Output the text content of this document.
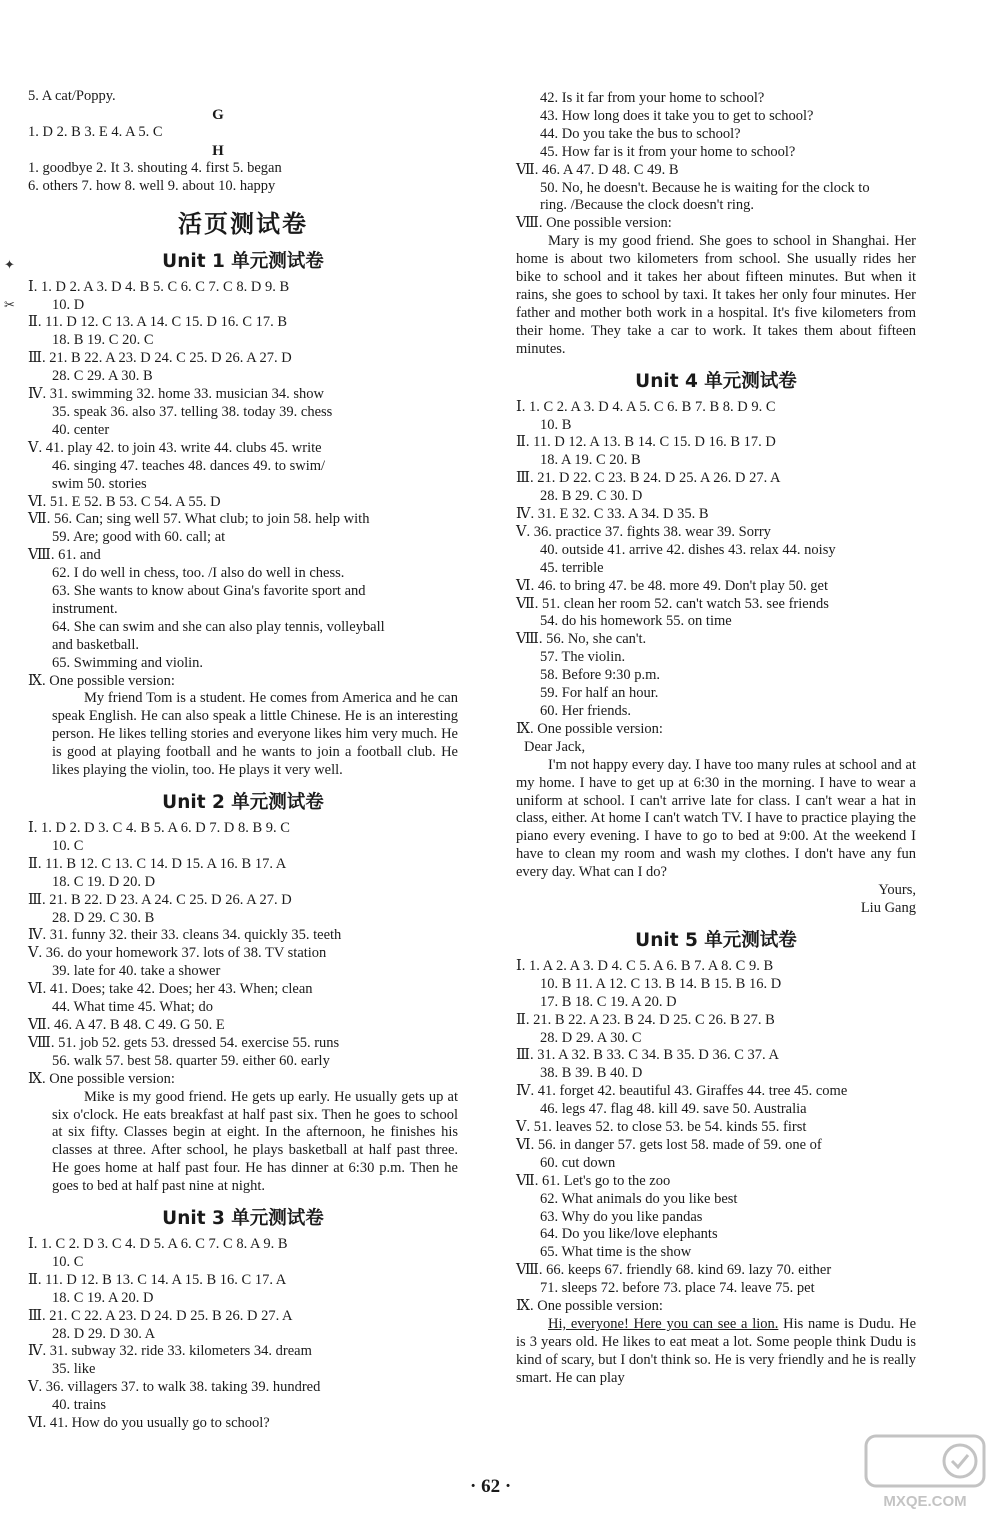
5. A cat/Poppy.
G
1. D 2. B 3. E 4. A 5. C
H
1. goodbye 2. It 3. shouting 4. first 5. began
6. others 7. how 8. well 9. about 10. happy
活页测试卷
Unit 1 单元测试卷
Ⅰ. 1. D 2. A 3. D 4. B 5. C 6. C 7. C 8. D 9. B
10. D
Ⅱ. 11. D 12. C 13. A 14. C 15. D 16. C 17. B
18. B 19. C 20. C
Ⅲ. 21. B 22. A 23. D 24. C 25. D 26. A 27. D
28. C 29. A 30. B
Ⅳ. 31. swimming 32. home 33. musician 34. show
35. speak 36. also 37. telling 38. today 39. chess
40. center
Ⅴ. 41. play 42. to join 43. write 44. clubs 45. write
46. singing 47. teaches 48. dances 49. to swim/
swim 50. stories
Ⅵ. 51. E 52. B 53. C 54. A 55. D
Ⅶ. 56. Can; sing well 57. What club; to join 58. help with
59. Are; good with 60. call; at
Ⅷ. 61. and
62. I do well in chess, too. /I also do well in chess.
63. She wants to know about Gina's favorite sport and
instrument.
64. She can swim and she can also play tennis, volleyball
and basketball.
65. Swimming and violin.
Ⅸ. One possible version:
My friend Tom is a student. He comes from America and he can speak English. He can also speak a little Chinese. He is an interesting person. He likes telling stories and everyone likes him very much. He is good at playing football and he wants to join a football club. He likes playing the violin, too. He plays it very well.
Unit 2 单元测试卷
Ⅰ. 1. D 2. D 3. C 4. B 5. A 6. D 7. D 8. B 9. C
10. C
Ⅱ. 11. B 12. C 13. C 14. D 15. A 16. B 17. A
18. C 19. D 20. D
Ⅲ. 21. B 22. D 23. A 24. C 25. D 26. A 27. D
28. D 29. C 30. B
Ⅳ. 31. funny 32. their 33. cleans 34. quickly 35. teeth
Ⅴ. 36. do your homework 37. lots of 38. TV station
39. late for 40. take a shower
Ⅵ. 41. Does; take 42. Does; her 43. When; clean
44. What time 45. What; do
Ⅶ. 46. A 47. B 48. C 49. G 50. E
Ⅷ. 51. job 52. gets 53. dressed 54. exercise 55. runs
56. walk 57. best 58. quarter 59. either 60. early
Ⅸ. One possible version:
Mike is my good friend. He gets up early. He usually gets up at six o'clock. He eats breakfast at half past six. Then he goes to school at six fifty. Classes begin at eight. In the afternoon, he finishes his classes at three. After school, he plays basketball at half past three. He goes home at half past four. He has dinner at 6:30 p.m. Then he goes to bed at half past nine at night.
Unit 3 单元测试卷
Ⅰ. 1. C 2. D 3. C 4. D 5. A 6. C 7. C 8. A 9. B
10. C
Ⅱ. 11. D 12. B 13. C 14. A 15. B 16. C 17. A
18. C 19. A 20. D
Ⅲ. 21. C 22. A 23. D 24. D 25. B 26. D 27. A
28. D 29. D 30. A
Ⅳ. 31. subway 32. ride 33. kilometers 34. dream
35. like
Ⅴ. 36. villagers 37. to walk 38. taking 39. hundred
40. trains
Ⅵ. 41. How do you usually go to school?
42. Is it far from your home to school?
43. How long does it take you to get to school?
44. Do you take the bus to school?
45. How far is it from your home to school?
Ⅶ. 46. A 47. D 48. C 49. B
50. No, he doesn't. Because he is waiting for the clock to
ring. /Because the clock doesn't ring.
Ⅷ. One possible version:
Mary is my good friend. She goes to school in Shanghai. Her home is about two kilometers from school. She usually rides her bike to school and it takes her about fifteen minutes. But when it rains, she goes to school by taxi. It takes her only four minutes. Her father and mother both work in a hospital. It's five kilometers from their home. They take a car to work. It takes them about fifteen minutes.
Unit 4 单元测试卷
Ⅰ. 1. C 2. A 3. D 4. A 5. C 6. B 7. B 8. D 9. C
10. B
Ⅱ. 11. D 12. A 13. B 14. C 15. D 16. B 17. D
18. A 19. C 20. B
Ⅲ. 21. D 22. C 23. B 24. D 25. A 26. D 27. A
28. B 29. C 30. D
Ⅳ. 31. E 32. C 33. A 34. D 35. B
Ⅴ. 36. practice 37. fights 38. wear 39. Sorry
40. outside 41. arrive 42. dishes 43. relax 44. noisy
45. terrible
Ⅵ. 46. to bring 47. be 48. more 49. Don't play 50. get
Ⅶ. 51. clean her room 52. can't watch 53. see friends
54. do his homework 55. on time
Ⅷ. 56. No, she can't.
57. The violin.
58. Before 9:30 p.m.
59. For half an hour.
60. Her friends.
Ⅸ. One possible version:
Dear Jack,
I'm not happy every day. I have too many rules at school and at my home. I have to get up at 6:30 in the morning. I have to wear a uniform at school. I can't arrive late for class. I can't wear a hat in class, either. At home I can't watch TV. I have to practice playing the piano every evening. I have to go to bed at 9:00. At the weekend I have to clean my room and wash my clothes. I don't have any fun every day. What can I do?
Yours,
Liu Gang
Unit 5 单元测试卷
Ⅰ. 1. A 2. A 3. D 4. C 5. A 6. B 7. A 8. C 9. B
10. B 11. A 12. C 13. B 14. B 15. B 16. D
17. B 18. C 19. A 20. D
Ⅱ. 21. B 22. A 23. B 24. D 25. C 26. B 27. B
28. D 29. A 30. C
Ⅲ. 31. A 32. B 33. C 34. B 35. D 36. C 37. A
38. B 39. B 40. D
Ⅳ. 41. forget 42. beautiful 43. Giraffes 44. tree 45. come
46. legs 47. flag 48. kill 49. save 50. Australia
Ⅴ. 51. leaves 52. to close 53. be 54. kinds 55. first
Ⅵ. 56. in danger 57. gets lost 58. made of 59. one of
60. cut down
Ⅶ. 61. Let's go to the zoo
62. What animals do you like best
63. Why do you like pandas
64. Do you like/love elephants
65. What time is the show
Ⅷ. 66. keeps 67. friendly 68. kind 69. lazy 70. either
71. sleeps 72. before 73. place 74. leave 75. pet
Ⅸ. One possible version:
Hi, everyone! Here you can see a lion. His name is Dudu. He is 3 years old. He likes to eat meat a lot. Some people think Dudu is kind of scary, but I don't think so. He is very friendly and he is really smart. He can play
✦
✂
· 62 ·
MXQE.COM
